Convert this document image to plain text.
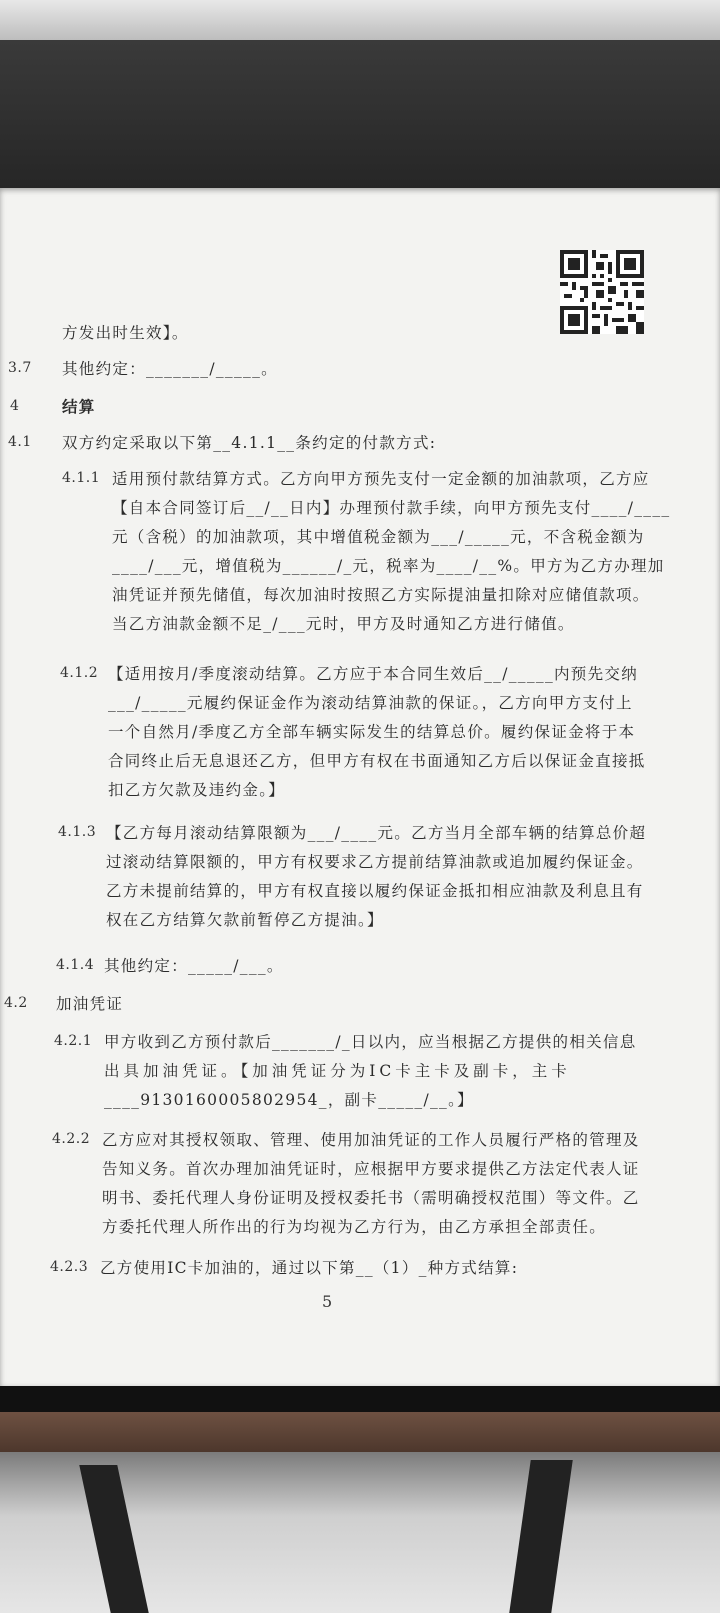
方发出时生效】。
3.7 其他约定：_______/_____。
4	结算
4.1 双方约定采取以下第__4.1.1__条约定的付款方式:
4.1.1 适用预付款结算方式。乙方向甲方预先支付一定金额的加油款项，乙方应
【自本合同签订后__/__日内】办理预付款手续，向甲方预先支付____/____
元（含税）的加油款项，其中增值税金额为___/_____元，不含税金额为
____/___元，增值税为______/_元，税率为____/__%。甲方为乙方办理加
油凭证并预先储值，每次加油时按照乙方实际提油量扣除对应储值款项。
当乙方油款金额不足_/___元时，甲方及时通知乙方进行储值。
4.1.2 【适用按月/季度滚动结算。乙方应于本合同生效后__/_____内预先交纳
___/_____元履约保证金作为滚动结算油款的保证。，乙方向甲方支付上
一个自然月/季度乙方全部车辆实际发生的结算总价。履约保证金将于本
合同终止后无息退还乙方，但甲方有权在书面通知乙方后以保证金直接抵
扣乙方欠款及违约金。】
4.1.3 【乙方每月滚动结算限额为___/____元。乙方当月全部车辆的结算总价超
过滚动结算限额的，甲方有权要求乙方提前结算油款或追加履约保证金。
乙方未提前结算的，甲方有权直接以履约保证金抵扣相应油款及利息且有
权在乙方结算欠款前暂停乙方提油。】
4.1.4 其他约定：_____/___。
4.2 加油凭证
4.2.1 甲方收到乙方预付款后_______/_日以内，应当根据乙方提供的相关信息
出具加油凭证。【加油凭证分为IC卡主卡及副卡，主卡
____913016000580​2954_，副卡_____/__。】
4.2.2 乙方应对其授权领取、管理、使用加油凭证的工作人员履行严格的管理及
告知义务。首次办理加油凭证时，应根据甲方要求提供乙方法定代表人证
明书、委托代理人身份证明及授权委托书（需明确授权范围）等文件。乙
方委托代理人所作出的行为均视为乙方行为，由乙方承担全部责任。
4.2.3 乙方使用IC卡加油的，通过以下第__（1）_种方式结算:
5
